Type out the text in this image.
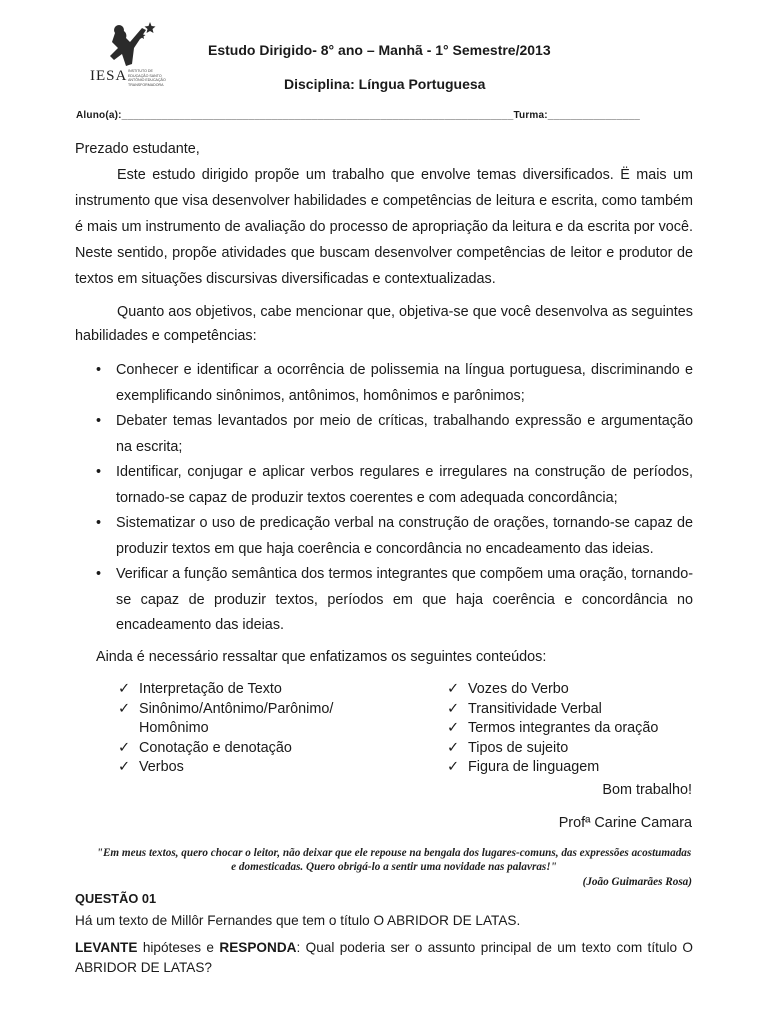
IESA INSTITUTO DE EDUCAÇÃO SANTO ANTÔNIO EDUCAÇÃO TRANSFORMADORA
Estudo Dirigido- 8° ano – Manhã - 1° Semestre/2013
Disciplina: Língua Portuguesa
Aluno(a):____________________________________________________________________Turma:________________
Prezado estudante,
Este estudo dirigido propõe um trabalho que envolve temas diversificados. Ë mais um instrumento que visa desenvolver habilidades e competências de leitura e escrita, como também é mais um instrumento de avaliação do processo de apropriação da leitura e da escrita por você. Neste sentido, propõe atividades que buscam desenvolver competências de leitor e produtor de textos em situações discursivas diversificadas e contextualizadas.
Quanto aos objetivos, cabe mencionar que, objetiva-se que você desenvolva as seguintes habilidades e competências:
• Conhecer e identificar a ocorrência de polissemia na língua portuguesa, discriminando e exemplificando sinônimos, antônimos, homônimos e parônimos;
• Debater temas levantados por meio de críticas, trabalhando expressão e argumentação na escrita;
• Identificar, conjugar e aplicar verbos regulares e irregulares na construção de períodos, tornado-se capaz de produzir textos coerentes e com adequada concordância;
• Sistematizar o uso de predicação verbal na construção de orações, tornando-se capaz de produzir textos em que haja coerência e concordância no encadeamento das ideias.
• Verificar a função semântica dos termos integrantes que compõem uma oração, tornando-se capaz de produzir textos, períodos em que haja coerência e concordância no encadeamento das ideias.
Ainda é necessário ressaltar que enfatizamos os seguintes conteúdos:
✓ Interpretação de Texto
✓ Sinônimo/Antônimo/Parônimo/ Homônimo
✓ Conotação e denotação
✓ Verbos
✓ Vozes do Verbo
✓ Transitividade Verbal
✓ Termos integrantes da oração
✓ Tipos de sujeito
✓ Figura de linguagem
Bom trabalho!
Profª Carine Camara
"Em meus textos, quero chocar o leitor, não deixar que ele repouse na bengala dos lugares-comuns, das expressões acostumadas e domesticadas. Quero obrigá-lo a sentir uma novidade nas palavras!"
(João Guimarães Rosa)
QUESTÃO 01
Há um texto de Millôr Fernandes que tem o título O ABRIDOR DE LATAS.
LEVANTE hipóteses e RESPONDA: Qual poderia ser o assunto principal de um texto com título O ABRIDOR DE LATAS?
